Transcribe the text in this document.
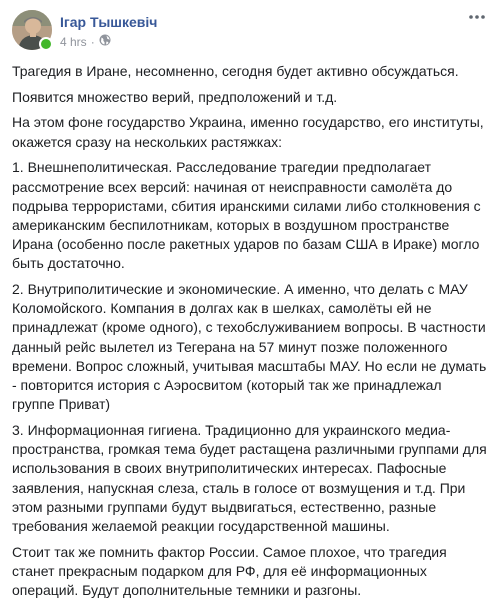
Ігар Тышкевіч
4 hrs ·

Трагедия в Иране, несомненно, сегодня будет активно обсуждаться.

Появится множество верий, предположений и т.д.

На этом фоне государство Украина, именно государство, его институты, окажется сразу на нескольких растяжках:

1. Внешнеполитическая. Расследование трагедии предполагает рассмотрение всех версий: начиная от неисправности самолёта до подрыва террористами, сбития иранскими силами либо столкновения с американским беспилотникам, которых в воздушном пространстве Ирана (особенно после ракетных ударов по базам США в Ираке) могло быть достаточно.

2. Внутриполитические и экономические. А именно, что делать с МАУ Коломойского. Компания в долгах как в шелках, самолёты ей не принадлежат (кроме одного), с техобслуживанием вопросы. В частности данный рейс вылетел из Тегерана на 57 минут позже положенного времени. Вопрос сложный, учитывая масштабы МАУ. Но если не думать - повторится история с Аэросвитом (который так же принадлежал группе Приват)

3. Информационная гигиена. Традиционно для украинского медиа-пространства, громкая тема будет растащена различными группами для использования в своих внутриполитических интересах. Пафосные заявления, напускная слеза, сталь в голосе от возмущения и т.д. При этом разными группами будут выдвигаться, естественно, разные требования желаемой реакции государственной машины.

Стоит так же помнить фактор России. Самое плохое, что трагедия станет прекрасным подарком для РФ, для её информационных операций. Будут дополнительные темники и разгоны.
